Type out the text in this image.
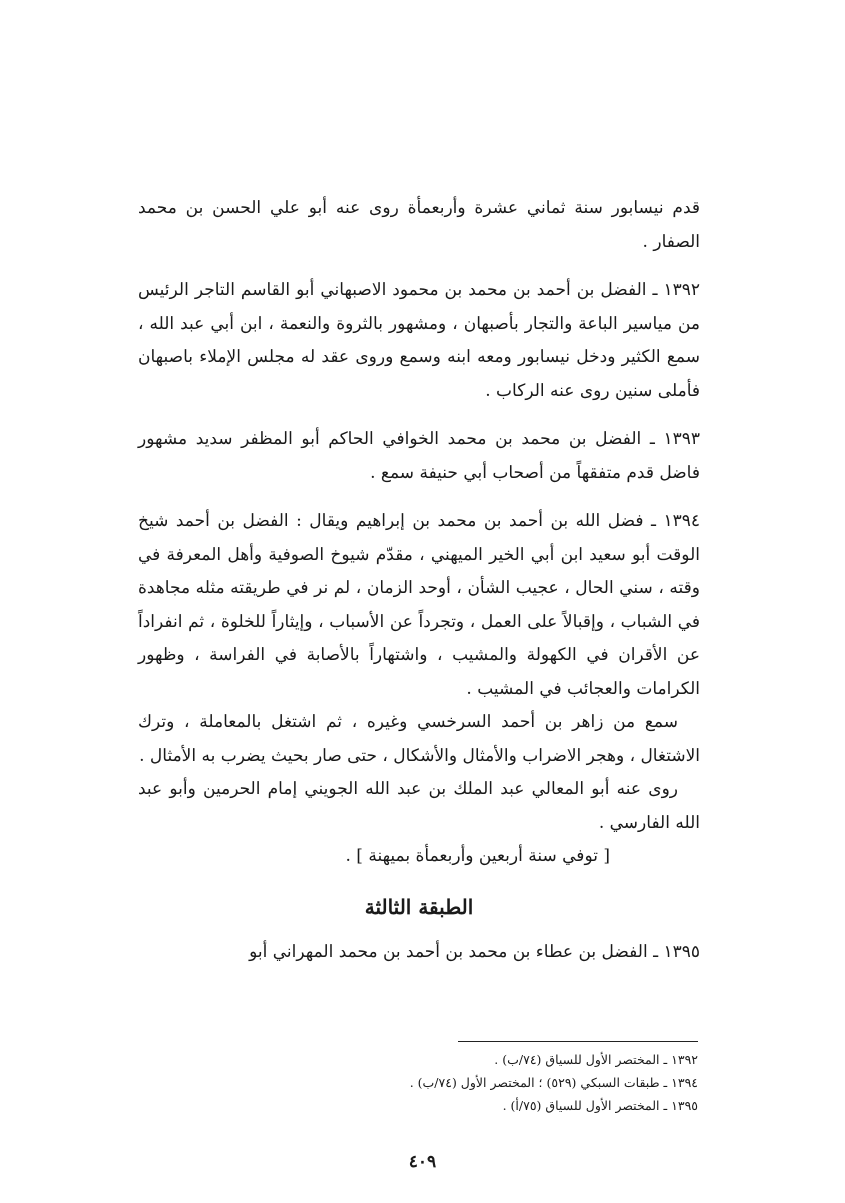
قدم نيسابور سنة ثماني عشرة وأربعمأة روى عنه أبو علي الحسن بن محمد الصفار .

١٣٩٢ ـ الفضل بن أحمد بن محمد بن محمود الاصبهاني أبو القاسم التاجر الرئيس من مياسير الباعة والتجار بأصبهان ، ومشهور بالثروة والنعمة ، ابن أبي عبد الله ، سمع الكثير ودخل نيسابور ومعه ابنه وسمع وروى عقد له مجلس الإملاء باصبهان فأملى سنين روى عنه الركاب .

١٣٩٣ ـ الفضل بن محمد بن محمد الخوافي الحاكم أبو المظفر سديد مشهور فاضل قدم متفقهاً من أصحاب أبي حنيفة سمع .

١٣٩٤ ـ فضل الله بن أحمد بن محمد بن إبراهيم ويقال : الفضل بن أحمد شيخ الوقت أبو سعيد ابن أبي الخير الميهني ، مقدّم شيوخ الصوفية وأهل المعرفة في وقته ، سني الحال ، عجيب الشأن ، أوحد الزمان ، لم نر في طريقته مثله مجاهدة في الشباب ، وإقبالاً على العمل ، وتجرداً عن الأسباب ، وإيثاراً للخلوة ، ثم انفراداً عن الأقران في الكهولة والمشيب ، واشتهاراً بالأصابة في الفراسة ، وظهور الكرامات والعجائب في المشيب .

سمع من زاهر بن أحمد السرخسي وغيره ، ثم اشتغل بالمعاملة ، وترك الاشتغال ، وهجر الاضراب والأمثال والأشكال ، حتى صار بحيث يضرب به الأمثال .

روى عنه أبو المعالي عبد الملك بن عبد الله الجويني إمام الحرمين وأبو عبد الله الفارسي .

[ توفي سنة أربعين وأربعمأة بميهنة ] .

الطبقة الثالثة

١٣٩٥ ـ الفضل بن عطاء بن محمد بن أحمد بن محمد المهراني أبو

١٣٩٢ ـ المختصر الأول للسياق (٧٤/ب) .

١٣٩٤ ـ طبقات السبكي (٥٢٩) ؛ المختصر الأول (٧٤/ب) .

١٣٩٥ ـ المختصر الأول للسياق (٧٥/أ) .

٤٠٩
